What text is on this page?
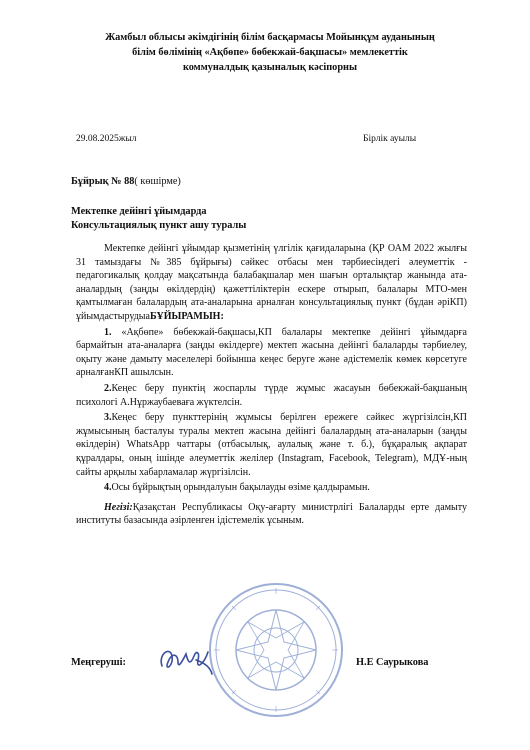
Жамбыл облысы әкімдігінің білім басқармасы Мойынқұм ауданының
білім бөлімінің «Ақбөпе» бөбекжай-бақшасы» мемлекеттік
коммуналдық қазыналық кәсіпорны
29.08.2025жыл	Бірлік ауылы
Бұйрық № 88( көшірме)
Мектепке дейінгі ұйымдарда
Консультациялық пункт ашу туралы

Мектепке дейінгі ұйымдар қызметінің үлгілік қағидаларына (ҚР ОАМ 2022 жылғы 31 тамыздағы №385 бұйрығы) сәйкес отбасы мен тәрбиесіндегі әлеуметтік - педагогикалық қолдау мақсатында балабақшалар мен шағын орталықтар жанында ата-аналардың (заңды өкілдердің) қажеттіліктерін ескере отырып, балалары МТО-мен қамтылмаған балалардың ата-аналарына арналған консультациялық пункт (бұдан әріКП) ұйымдастырудыаБҰЙЫРАМЫН:

1. «Ақбөпе» бөбекжай-бақшасы,КП балалары мектепке дейінгі ұйымдарға бармайтын ата-аналарға (заңды өкілдерге) мектеп жасына дейінгі балаларды тәрбиелеу, оқыту және дамыту мәселелері бойынша кеңес беруге және әдістемелік көмек көрсетуге арналғанКП ашылсын.

2.Кеңес беру пунктің жоспарлы түрде жұмыс жасауын бөбекжай-бақшаның психологі А.Нұржаубаеваға жүктелсін.

3.Кеңес беру пункттерінің жұмысы берілген ережеге сәйкес жүргізілсін,КП жұмысының басталуы туралы мектеп жасына дейінгі балалардың ата-аналарын (заңды өкілдерін) WhatsApp чаттары (отбасылық, аулалық және т. б.), бұқаралық ақпарат құралдары, оның ішінде әлеуметтік желілер (Instagram, Facebook, Telegram), МДҰ-ның сайты арқылы хабарламалар жүргізілсін.

4.Осы бұйрықтың орындалуын бақылауды өзіме қалдырамын.

Негізі:Қазақстан Республикасы Оқу-ағарту министрлігі Балаларды ерте дамыту институты базасында әзірленген ідістемелік ұсыным.

Меңгеруші:	Н.Е Саурыкова
